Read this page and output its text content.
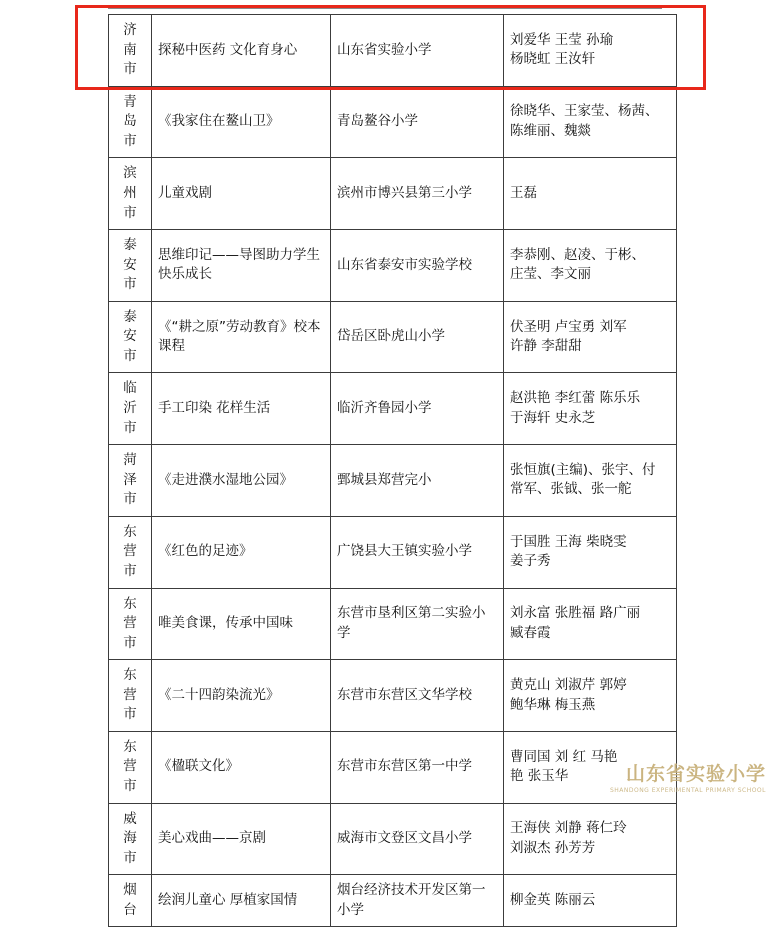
济
南
市	探秘中医药 文化育身心	山东省实验小学	刘爱华 王莹 孙瑜
杨晓虹 王汝轩

青
岛
市	《我家住在鳌山卫》	青岛鳌谷小学	徐晓华、王家莹、杨茜、
陈维丽、魏燚

滨
州
市	儿童戏剧	滨州市博兴县第三小学	王磊

泰
安
市	思维印记——导图助力学生快乐成长	山东省泰安市实验学校	李恭刚、赵凌、于彬、
庄莹、李文丽

泰
安
市	《“耕之原”劳动教育》校本课程	岱岳区卧虎山小学	伏圣明 卢宝勇 刘军
许静 李甜甜

临
沂
市	手工印染 花样生活	临沂齐鲁园小学	赵洪艳 李红蕾 陈乐乐
于海轩 史永芝

菏
泽
市	《走进濮水湿地公园》	鄄城县郑营完小	张恒旗(主编)、张宇、付
常军、张钺、张一舵

东
营
市	《红色的足迹》	广饶县大王镇实验小学	于国胜 王海 柴晓雯
姜子秀

东
营
市	唯美食课，传承中国味	东营市垦利区第二实验小学	刘永富 张胜福 路广丽
臧春霞

东
营
市	《二十四韵染流光》	东营市东营区文华学校	黄克山 刘淑芹 郭婷
鲍华琳 梅玉燕

东
营
市	《楹联文化》	东营市东营区第一中学	曹同国 刘 红 马艳
艳 张玉华

威
海
市	美心戏曲——京剧	威海市文登区文昌小学	王海侠 刘静 蒋仁玲
刘淑杰 孙芳芳

烟
台	绘润儿童心 厚植家国情	烟台经济技术开发区第一小学	柳金英 陈丽云
山东省实验小学
SHANDONG EXPERIMENTAL PRIMARY SCHOOL
